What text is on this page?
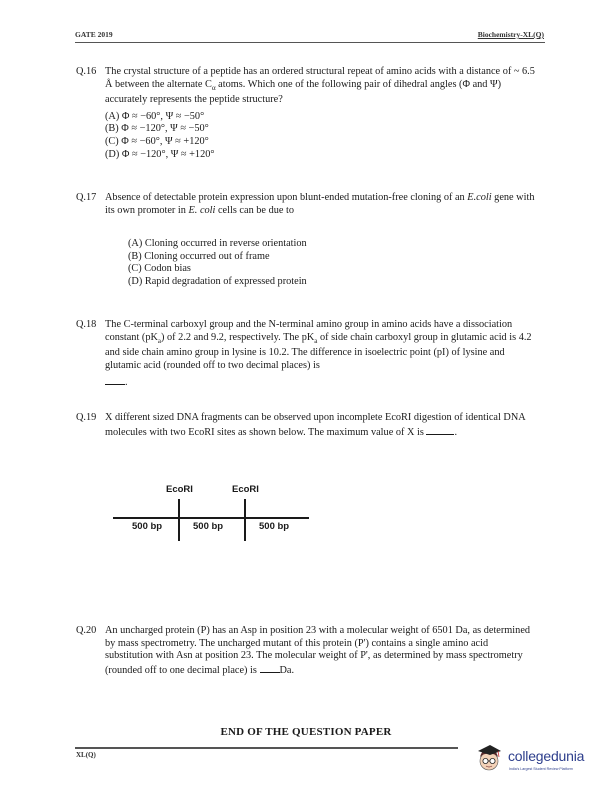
GATE 2019	Biochemistry-XL(Q)
Q.16 The crystal structure of a peptide has an ordered structural repeat of amino acids with a distance of ~ 6.5 Å between the alternate $C_\alpha$ atoms. Which one of the following pair of dihedral angles (Φ and Ψ) accurately represents the peptide structure?
(A) Φ ≈ −60°, Ψ ≈ −50°
(B) Φ ≈ −120°, Ψ ≈ −50°
(C) Φ ≈ −60°, Ψ ≈ +120°
(D) Φ ≈ −120°, Ψ ≈ +120°
Q.17 Absence of detectable protein expression upon blunt-ended mutation-free cloning of an E.coli gene with its own promoter in E. coli cells can be due to
(A) Cloning occurred in reverse orientation
(B) Cloning occurred out of frame
(C) Codon bias
(D) Rapid degradation of expressed protein
Q.18 The C-terminal carboxyl group and the N-terminal amino group in amino acids have a dissociation constant $(pK_a)$ of 2.2 and 9.2, respectively. The $pK_a$ of side chain carboxyl group in glutamic acid is 4.2 and side chain amino group in lysine is 10.2. The difference in isoelectric point (pI) of lysine and glutamic acid (rounded off to two decimal places) is
.
Q.19 X different sized DNA fragments can be observed upon incomplete EcoRI digestion of identical DNA molecules with two EcoRI sites as shown below. The maximum value of X is	.
EcoRI	EcoRI
500 bp	500 bp	500 bp
Q.20 An uncharged protein (P) has an Asp in position 23 with a molecular weight of 6501 Da, as determined by mass spectrometry. The uncharged mutant of this protein (P') contains a single amino acid substitution with Asn at position 23. The molecular weight of P', as determined by mass spectrometry (rounded off to one decimal place) is Da.
END OF THE QUESTION PAPER
XL(Q)	collegedunia
India's Largest Student Review Platform
